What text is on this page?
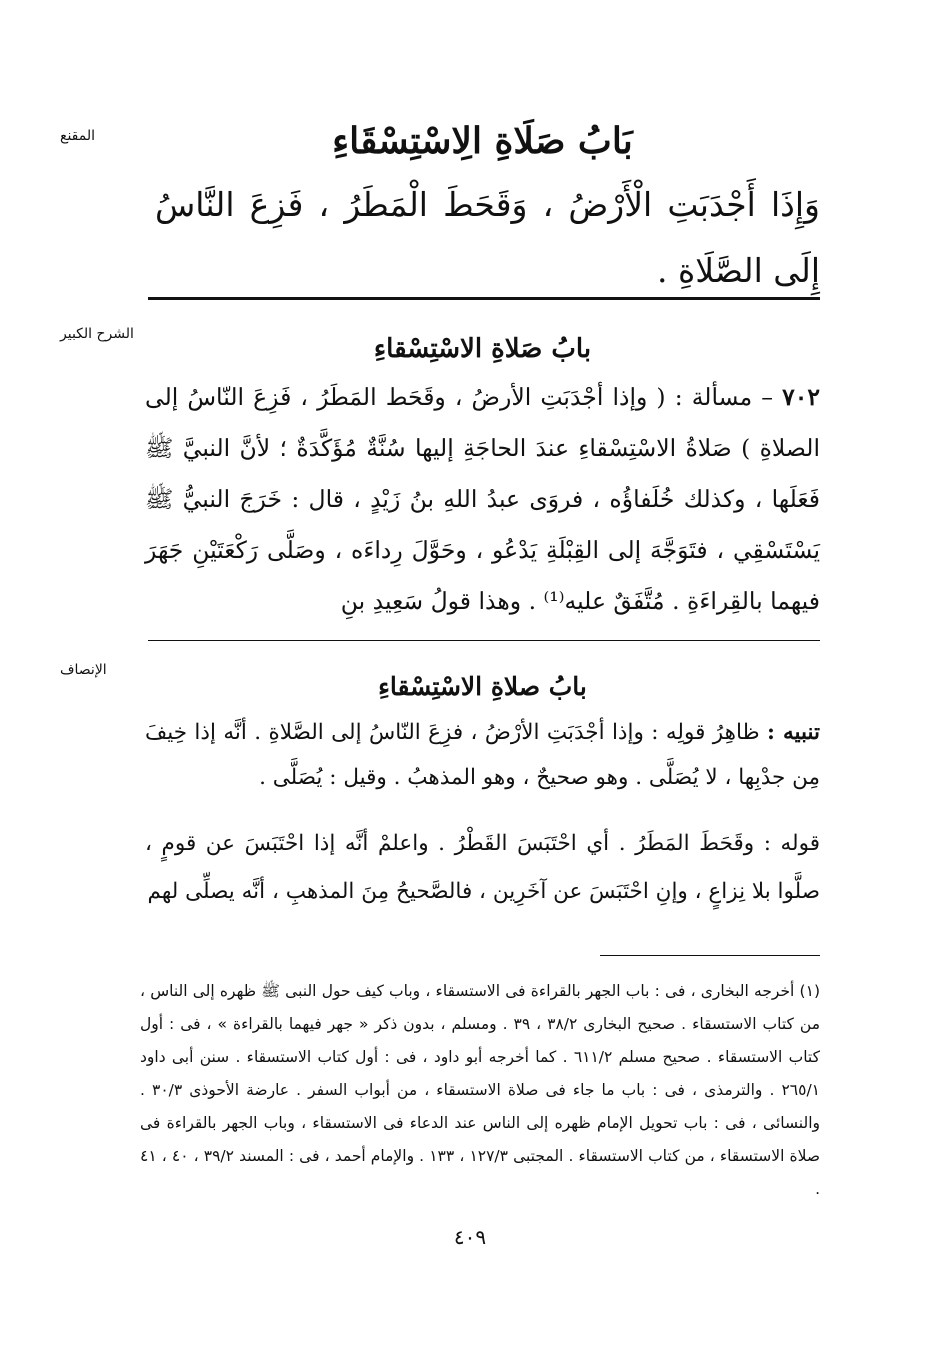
المقنع	بَابُ صَلَاةِ الِاسْتِسْقَاءِ

وَإِذَا أَجْدَبَتِ الْأَرْضُ ، وَقَحَطَ الْمَطَرُ ، فَزِعَ النَّاسُ إِلَى الصَّلَاةِ .

الشرح الكبير	بابُ صَلاةِ الاسْتِسْقاءِ

٧٠٢ – مسألة : ( وإذا أجْدَبَتِ الأرضُ ، وقَحَط المَطَرُ ، فَزِعَ النّاسُ إلى الصلاةِ ) صَلاةُ الاسْتِسْقاءِ عندَ الحاجَةِ إليها سُنَّةٌ مُؤَكَّدَةٌ ؛ لأنَّ النبيَّ ﷺ فَعَلَها ، وكذلك خُلَفاؤُه ، فروَى عبدُ اللهِ بنُ زَيْدٍ ، قال : خَرَجَ النبيُّ ﷺ يَسْتَسْقِي ، فتَوَجَّهَ إلى القِبْلَةِ يَدْعُو ، وحَوَّلَ رِداءَه ، وصَلَّى رَكْعَتَيْنِ جَهَرَ فيهما بالقِراءَةِ . مُتَّفَقٌ عليه⁽¹⁾ . وهذا قولُ سَعِيدِ بنِ

الإنصاف
بابُ صلاةِ الاسْتِسْقاءِ

تنبيه : ظاهِرُ قولِه : وإذا أجْدَبَتِ الأرْضُ ، فزِعَ النّاسُ إلى الصَّلاةِ . أنَّه إذا خِيفَ مِن جدْبِها ، لا يُصَلَّى . وهو صحيحٌ ، وهو المذهبُ . وقيل : يُصَلَّى .

قوله : وقَحَطَ المَطَرُ . أي احْتَبَسَ القَطْرُ . واعلمْ أنَّه إذا احْتَبَسَ عن قومٍ ، صلَّوا بلا نِزاعٍ ، وإنِ احْتَبَسَ عن آخَرِين ، فالصَّحيحُ مِنَ المذهبِ ، أنَّه يصلِّى لهم

(١) أخرجه البخارى ، فى : باب الجهر بالقراءة فى الاستسقاء ، وباب كيف حول النبى ﷺ ظهره إلى الناس ، من كتاب الاستسقاء . صحيح البخارى ٣٨/٢ ، ٣٩ . ومسلم ، بدون ذكر « جهر فيهما بالقراءة » ، فى : أول كتاب الاستسقاء . صحيح مسلم ٦١١/٢ . كما أخرجه أبو داود ، فى : أول كتاب الاستسقاء . سنن أبى داود ٢٦٥/١ . والترمذى ، فى : باب ما جاء فى صلاة الاستسقاء ، من أبواب السفر . عارضة الأحوذى ٣٠/٣ . والنسائى ، فى : باب تحويل الإمام ظهره إلى الناس عند الدعاء فى الاستسقاء ، وباب الجهر بالقراءة فى صلاة الاستسقاء ، من كتاب الاستسقاء . المجتبى ١٢٧/٣ ، ١٣٣ . والإمام أحمد ، فى : المسند ٣٩/٢ ، ٤٠ ، ٤١ .
٤٠٩
